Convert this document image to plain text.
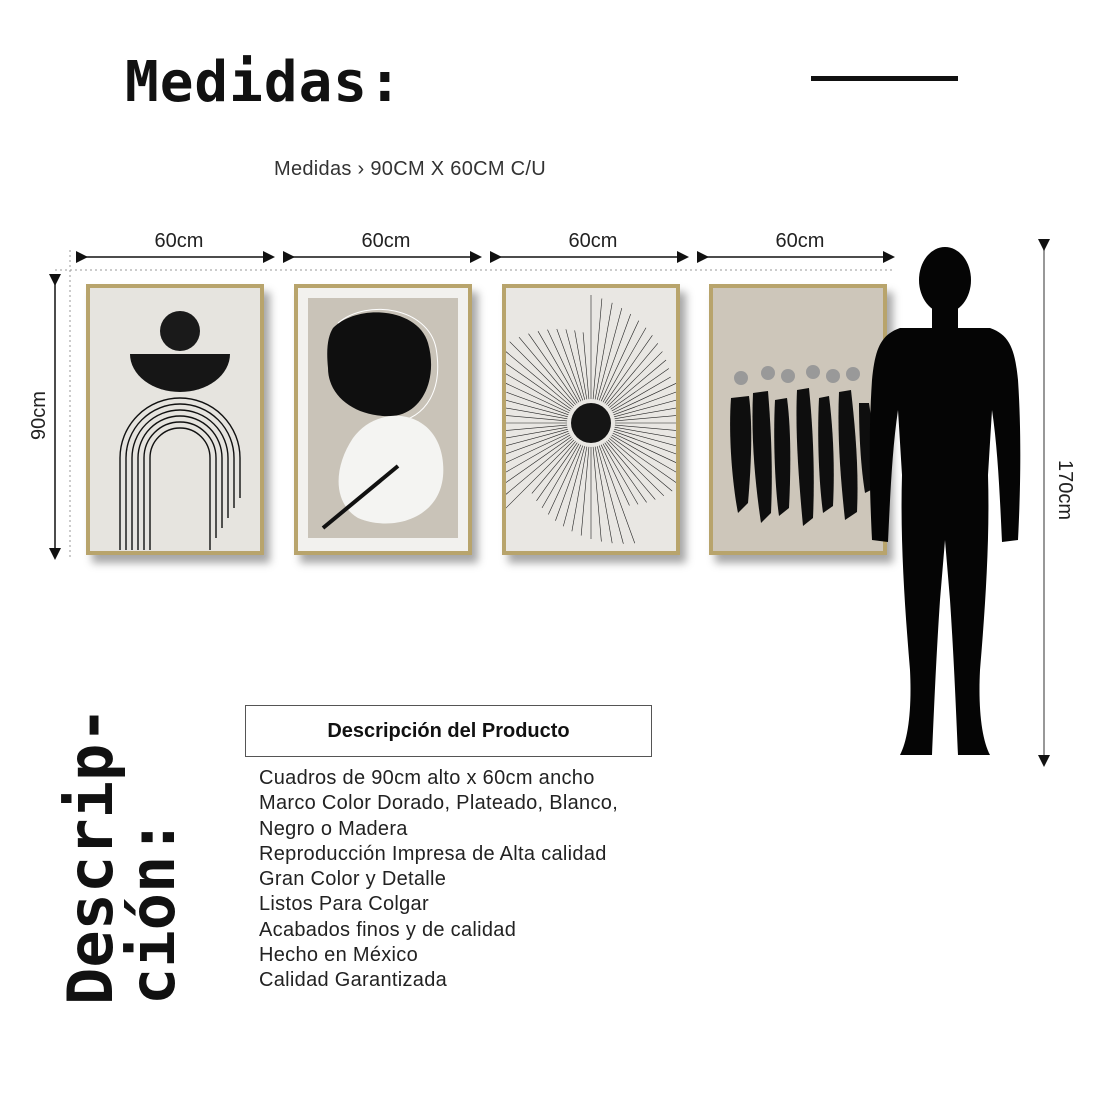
Medidas:
Medidas › 90CM X 60CM C/U
60cm	60cm	60cm	60cm
90cm
170cm
Descrip-
ción:
Descripción del Producto
Cuadros de 90cm alto x 60cm ancho
Marco Color Dorado, Plateado, Blanco,
Negro o Madera
Reproducción Impresa de Alta calidad
Gran Color y Detalle
Listos Para Colgar
Acabados finos y de calidad
Hecho en México
Calidad Garantizada
